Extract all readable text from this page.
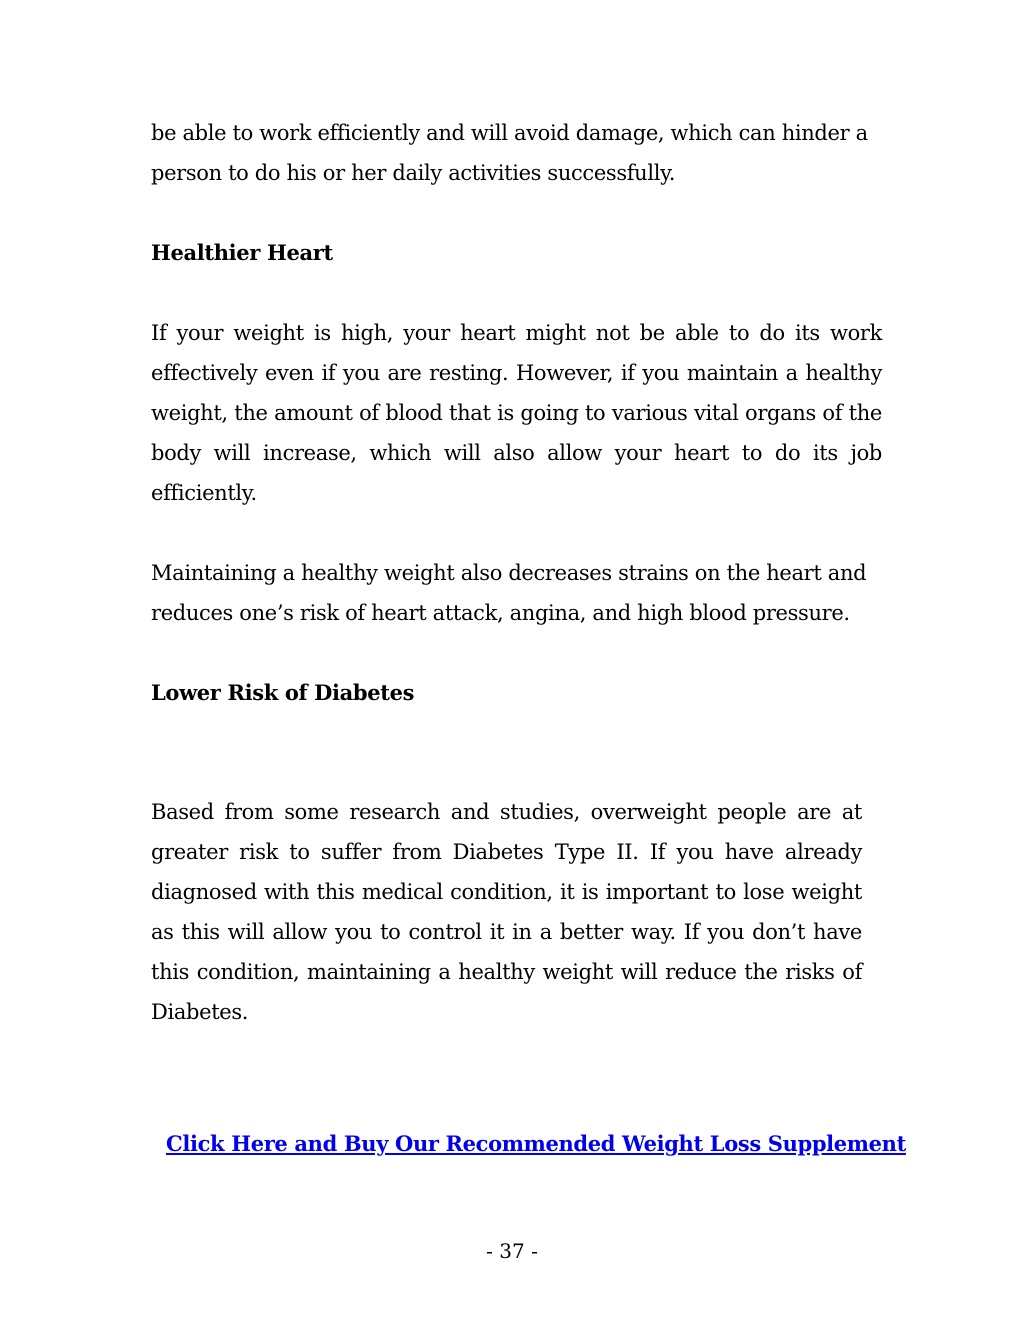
be able to work efficiently and will avoid damage, which can hinder a person to do his or her daily activities successfully.

Healthier Heart

If your weight is high, your heart might not be able to do its work effectively even if you are resting. However, if you maintain a healthy weight, the amount of blood that is going to various vital organs of the body will increase, which will also allow your heart to do its job efficiently.

Maintaining a healthy weight also decreases strains on the heart and reduces one’s risk of heart attack, angina, and high blood pressure.

Lower Risk of Diabetes

Based from some research and studies, overweight people are at greater risk to suffer from Diabetes Type II. If you have already diagnosed with this medical condition, it is important to lose weight as this will allow you to control it in a better way. If you don’t have this condition, maintaining a healthy weight will reduce the risks of Diabetes.

Click Here and Buy Our Recommended Weight Loss Supplement
- 37 -
